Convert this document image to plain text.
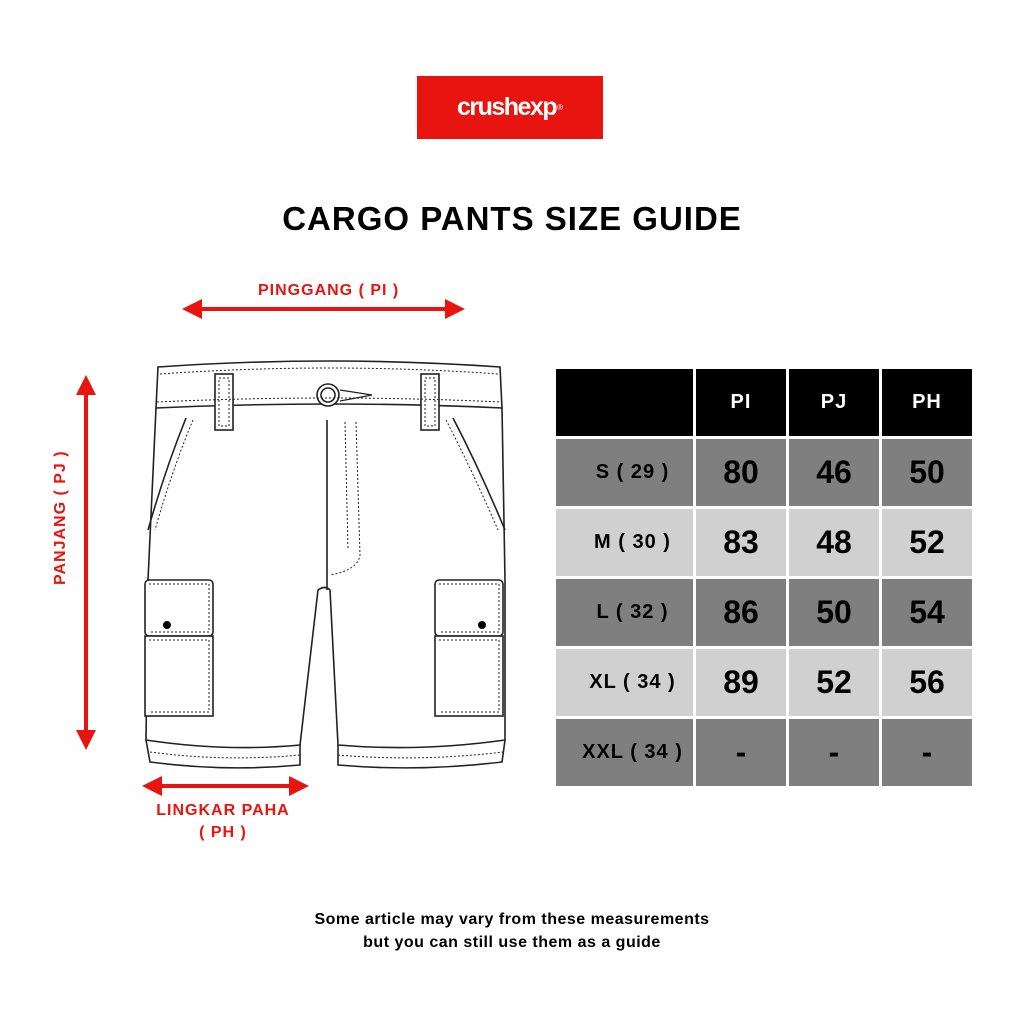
crushexp ®
CARGO PANTS SIZE GUIDE
PINGGANG ( PI )
PANJANG ( PJ )
LINGKAR PAHA
( PH )
	PI	PJ	PH
S ( 29 )	80	46	50
M ( 30 )	83	48	52
L ( 32 )	86	50	54
XL ( 34 )	89	52	56
XXL ( 34 )	-	-	-
Some article may vary from these measurements
but you can still use them as a guide
